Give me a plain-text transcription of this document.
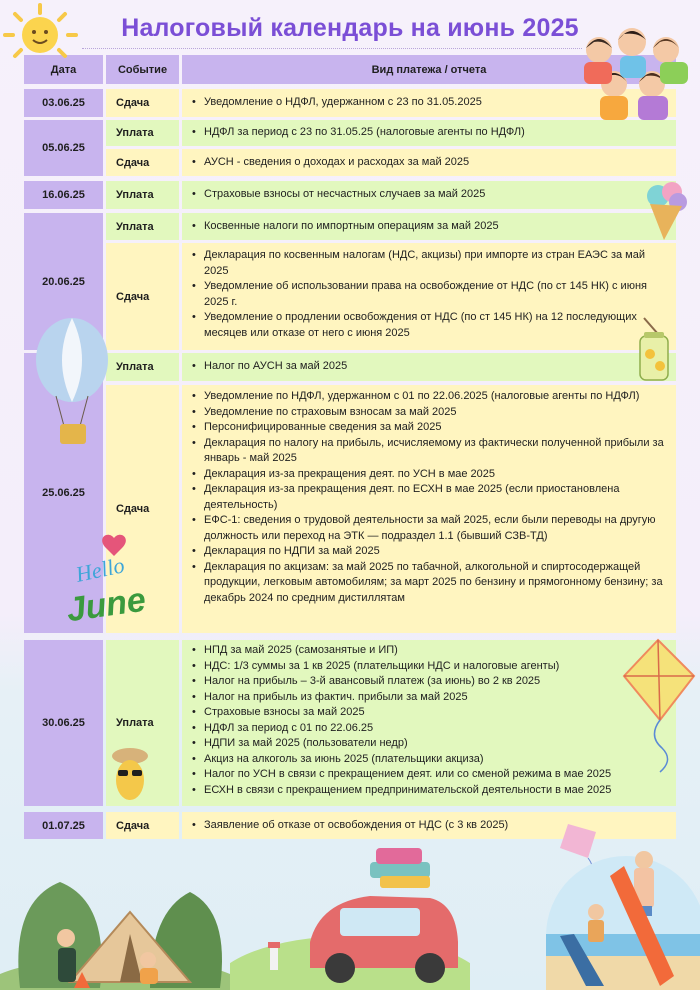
Налоговый календарь на июнь 2025
Дата	Событие	Вид платежа / отчета
03.06.25	Сдача	• Уведомление о НДФЛ, удержанном с 23 по 31.05.2025
05.06.25
Уплата	• НДФЛ за период с 23 по 31.05.25 (налоговые агенты по НДФЛ)
Сдача	• АУСН - сведения о доходах и расходах за май 2025
16.06.25	Уплата	• Страховые взносы от несчастных случаев за май 2025
20.06.25
Уплата	• Косвенные налоги по импортным операциям за май 2025
Сдача
• Декларация по косвенным налогам (НДС, акцизы) при импорте из стран ЕАЭС за май 2025
• Уведомление об использовании права на освобождение от НДС (по ст 145 НК) с июня 2025 г.
• Уведомление о продлении освобождения от НДС (по ст 145 НК) на 12 последующих месяцев или отказе от него с июня 2025
25.06.25
Уплата	• Налог по АУСН за май 2025
Сдача
• Уведомление по НДФЛ, удержанном с 01 по 22.06.2025 (налоговые агенты по НДФЛ)
• Уведомление по страховым взносам за май 2025
• Персонифицированные сведения за май 2025
• Декларация по налогу на прибыль, исчисляемому из фактически полученной прибыли за январь - май 2025
• Декларация из-за прекращения деят. по УСН в мае 2025
• Декларация из-за прекращения деят. по ЕСХН в мае 2025 (если приостановлена деятельность)
• ЕФС-1: сведения о трудовой деятельности за май 2025, если были переводы на другую должность или переход на ЭТК — подраздел 1.1 (бывший СЗВ-ТД)
• Декларация по НДПИ за май 2025
• Декларация по акцизам: за май 2025 по табачной, алкогольной и спиртосодержащей продукции, легковым автомобилям; за март 2025 по бензину и прямогонному бензину; за декабрь 2024 по средним дистиллятам
30.06.25	Уплата
• НПД за май 2025 (самозанятые и ИП)
• НДС: 1/3 суммы за 1 кв 2025 (плательщики НДС и налоговые агенты)
• Налог на прибыль – 3-й авансовый платеж (за июнь) во 2 кв 2025
• Налог на прибыль из фактич. прибыли за май 2025
• Страховые взносы за май 2025
• НДФЛ за период с 01 по 22.06.25
• НДПИ за май 2025 (пользователи недр)
• Акциз на алкоголь за июнь 2025 (плательщики акциза)
• Налог по УСН в связи с прекращением деят. или со сменой режима в мае 2025
• ЕСХН в связи с прекращением предпринимательской деятельности в мае 2025
01.07.25	Сдача	• Заявление об отказе от освобождения от НДС (с 3 кв 2025)
Hello
June
